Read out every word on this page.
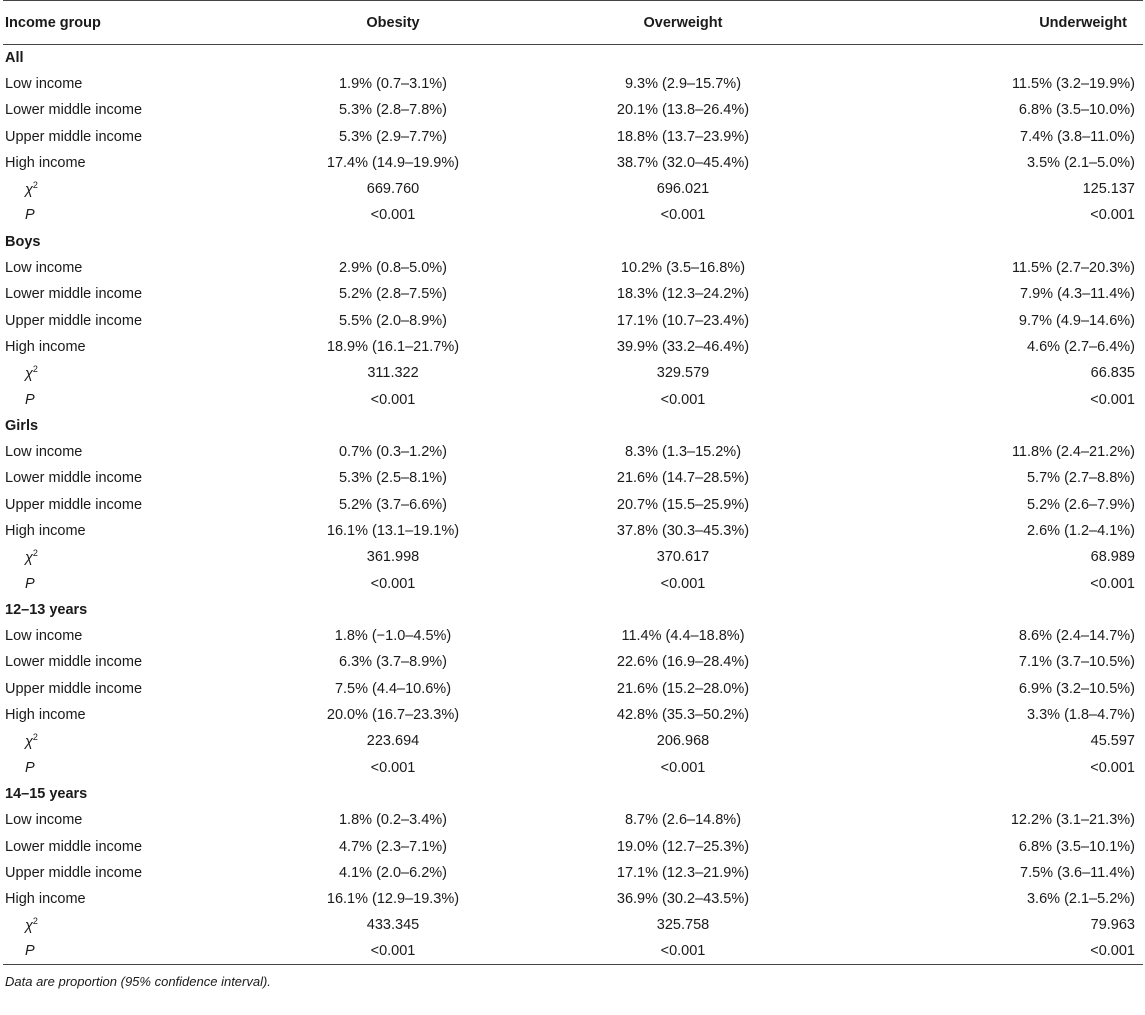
Income group	Obesity	Overweight	Underweight
All			
Low income	1.9% (0.7–3.1%)	9.3% (2.9–15.7%)	11.5% (3.2–19.9%)
Lower middle income	5.3% (2.8–7.8%)	20.1% (13.8–26.4%)	6.8% (3.5–10.0%)
Upper middle income	5.3% (2.9–7.7%)	18.8% (13.7–23.9%)	7.4% (3.8–11.0%)
High income	17.4% (14.9–19.9%)	38.7% (32.0–45.4%)	3.5% (2.1–5.0%)
$\chi^2$	669.760	696.021	125.137
P	<0.001	<0.001	<0.001
Boys			
Low income	2.9% (0.8–5.0%)	10.2% (3.5–16.8%)	11.5% (2.7–20.3%)
Lower middle income	5.2% (2.8–7.5%)	18.3% (12.3–24.2%)	7.9% (4.3–11.4%)
Upper middle income	5.5% (2.0–8.9%)	17.1% (10.7–23.4%)	9.7% (4.9–14.6%)
High income	18.9% (16.1–21.7%)	39.9% (33.2–46.4%)	4.6% (2.7–6.4%)
$\chi^2$	311.322	329.579	66.835
P	<0.001	<0.001	<0.001
Girls			
Low income	0.7% (0.3–1.2%)	8.3% (1.3–15.2%)	11.8% (2.4–21.2%)
Lower middle income	5.3% (2.5–8.1%)	21.6% (14.7–28.5%)	5.7% (2.7–8.8%)
Upper middle income	5.2% (3.7–6.6%)	20.7% (15.5–25.9%)	5.2% (2.6–7.9%)
High income	16.1% (13.1–19.1%)	37.8% (30.3–45.3%)	2.6% (1.2–4.1%)
$\chi^2$	361.998	370.617	68.989
P	<0.001	<0.001	<0.001
12–13 years			
Low income	1.8% (−1.0–4.5%)	11.4% (4.4–18.8%)	8.6% (2.4–14.7%)
Lower middle income	6.3% (3.7–8.9%)	22.6% (16.9–28.4%)	7.1% (3.7–10.5%)
Upper middle income	7.5% (4.4–10.6%)	21.6% (15.2–28.0%)	6.9% (3.2–10.5%)
High income	20.0% (16.7–23.3%)	42.8% (35.3–50.2%)	3.3% (1.8–4.7%)
$\chi^2$	223.694	206.968	45.597
P	<0.001	<0.001	<0.001
14–15 years			
Low income	1.8% (0.2–3.4%)	8.7% (2.6–14.8%)	12.2% (3.1–21.3%)
Lower middle income	4.7% (2.3–7.1%)	19.0% (12.7–25.3%)	6.8% (3.5–10.1%)
Upper middle income	4.1% (2.0–6.2%)	17.1% (12.3–21.9%)	7.5% (3.6–11.4%)
High income	16.1% (12.9–19.3%)	36.9% (30.2–43.5%)	3.6% (2.1–5.2%)
$\chi^2$	433.345	325.758	79.963
P	<0.001	<0.001	<0.001
Data are proportion (95% confidence interval).
